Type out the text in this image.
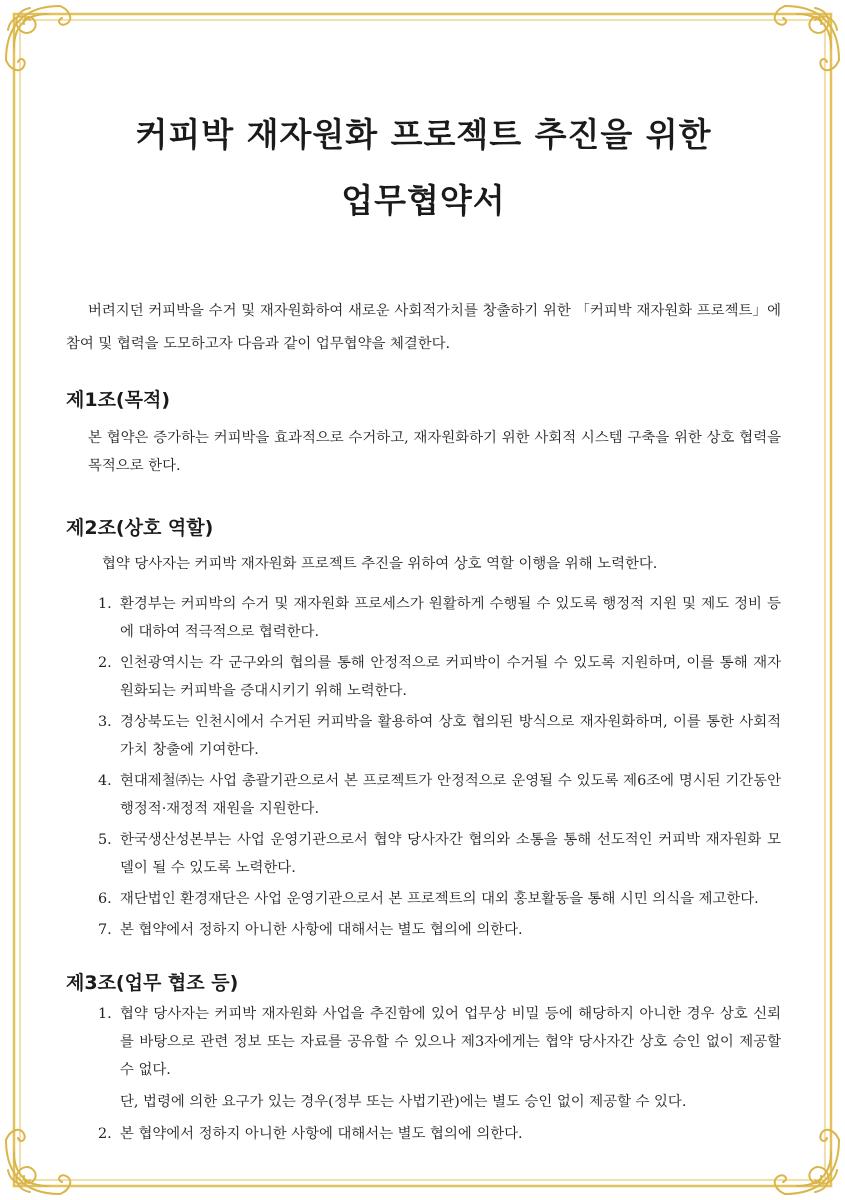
커피박 재자원화 프로젝트 추진을 위한
업무협약서

버려지던 커피박을 수거 및 재자원화하여 새로운 사회적가치를 창출하기 위한 「커피박 재자원화 프로젝트」에 참여 및 협력을 도모하고자 다음과 같이 업무협약을 체결한다.

제1조(목적)

본 협약은 증가하는 커피박을 효과적으로 수거하고, 재자원화하기 위한 사회적 시스템 구축을 위한 상호 협력을 목적으로 한다.

제2조(상호 역할)

협약 당사자는 커피박 재자원화 프로젝트 추진을 위하여 상호 역할 이행을 위해 노력한다.

1. 환경부는 커피박의 수거 및 재자원화 프로세스가 원활하게 수행될 수 있도록 행정적 지원 및 제도 정비 등에 대하여 적극적으로 협력한다.
2. 인천광역시는 각 군구와의 협의를 통해 안정적으로 커피박이 수거될 수 있도록 지원하며, 이를 통해 재자원화되는 커피박을 증대시키기 위해 노력한다.
3. 경상북도는 인천시에서 수거된 커피박을 활용하여 상호 협의된 방식으로 재자원화하며, 이를 통한 사회적가치 창출에 기여한다.
4. 현대제철㈜는 사업 총괄기관으로서 본 프로젝트가 안정적으로 운영될 수 있도록 제6조에 명시된 기간동안 행정적·재정적 재원을 지원한다.
5. 한국생산성본부는 사업 운영기관으로서 협약 당사자간 협의와 소통을 통해 선도적인 커피박 재자원화 모델이 될 수 있도록 노력한다.
6. 재단법인 환경재단은 사업 운영기관으로서 본 프로젝트의 대외 홍보활동을 통해 시민 의식을 제고한다.
7. 본 협약에서 정하지 아니한 사항에 대해서는 별도 협의에 의한다.
제3조(업무 협조 등)
1. 협약 당사자는 커피박 재자원화 사업을 추진함에 있어 업무상 비밀 등에 해당하지 아니한 경우 상호 신뢰를 바탕으로 관련 정보 또는 자료를 공유할 수 있으나 제3자에게는 협약 당사자간 상호 승인 없이 제공할 수 없다.
단, 법령에 의한 요구가 있는 경우(정부 또는 사법기관)에는 별도 승인 없이 제공할 수 있다.
2. 본 협약에서 정하지 아니한 사항에 대해서는 별도 협의에 의한다.
